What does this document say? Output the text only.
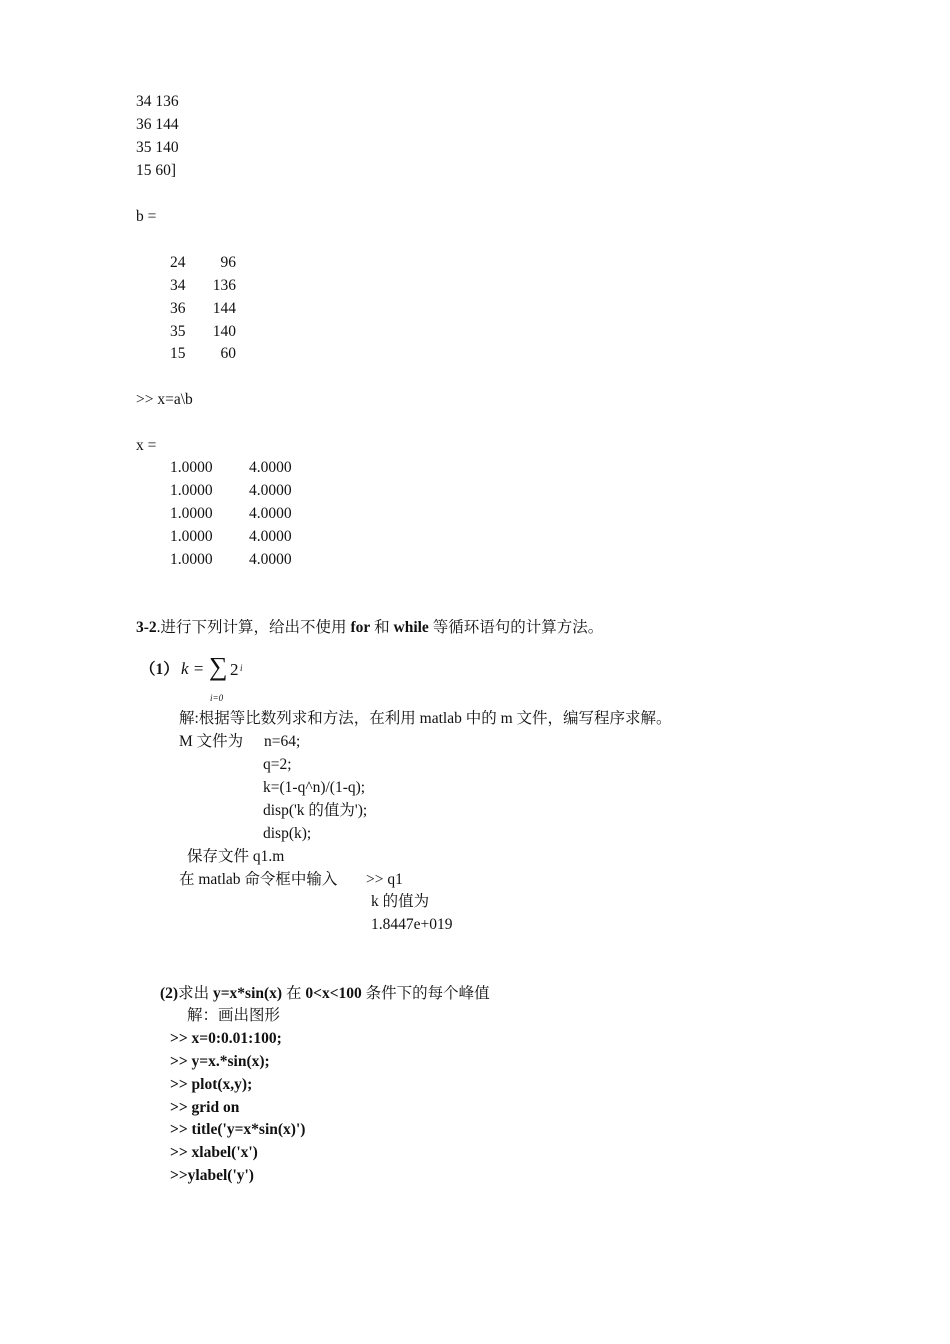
34 136
36 144
35 140
15 60]
b =
24	96
34	136
36	144
35	140
15	60
>> x=a\b
x =
1.0000 4.0000
1.0000 4.0000
1.0000 4.0000
1.0000 4.0000
1.0000 4.0000
3-2.进行下列计算，给出不使用 for 和 while 等循环语句的计算方法。
（1） k = ∑ 2 i
i=0
解:根据等比数列求和方法，在利用 matlab 中的 m 文件，编写程序求解。
M 文件为 n=64;
q=2;
k=(1-q^n)/(1-q);
disp('k 的值为');
disp(k);
保存文件 q1.m
在 matlab 命令框中输入 >> q1
k 的值为
1.8447e+019
(2)求出 y=x*sin(x) 在 0<x<100 条件下的每个峰值
解：画出图形
>> x=0:0.01:100;
>> y=x.*sin(x);
>> plot(x,y);
>> grid on
>> title('y=x*sin(x)')
>> xlabel('x')
>>ylabel('y')
